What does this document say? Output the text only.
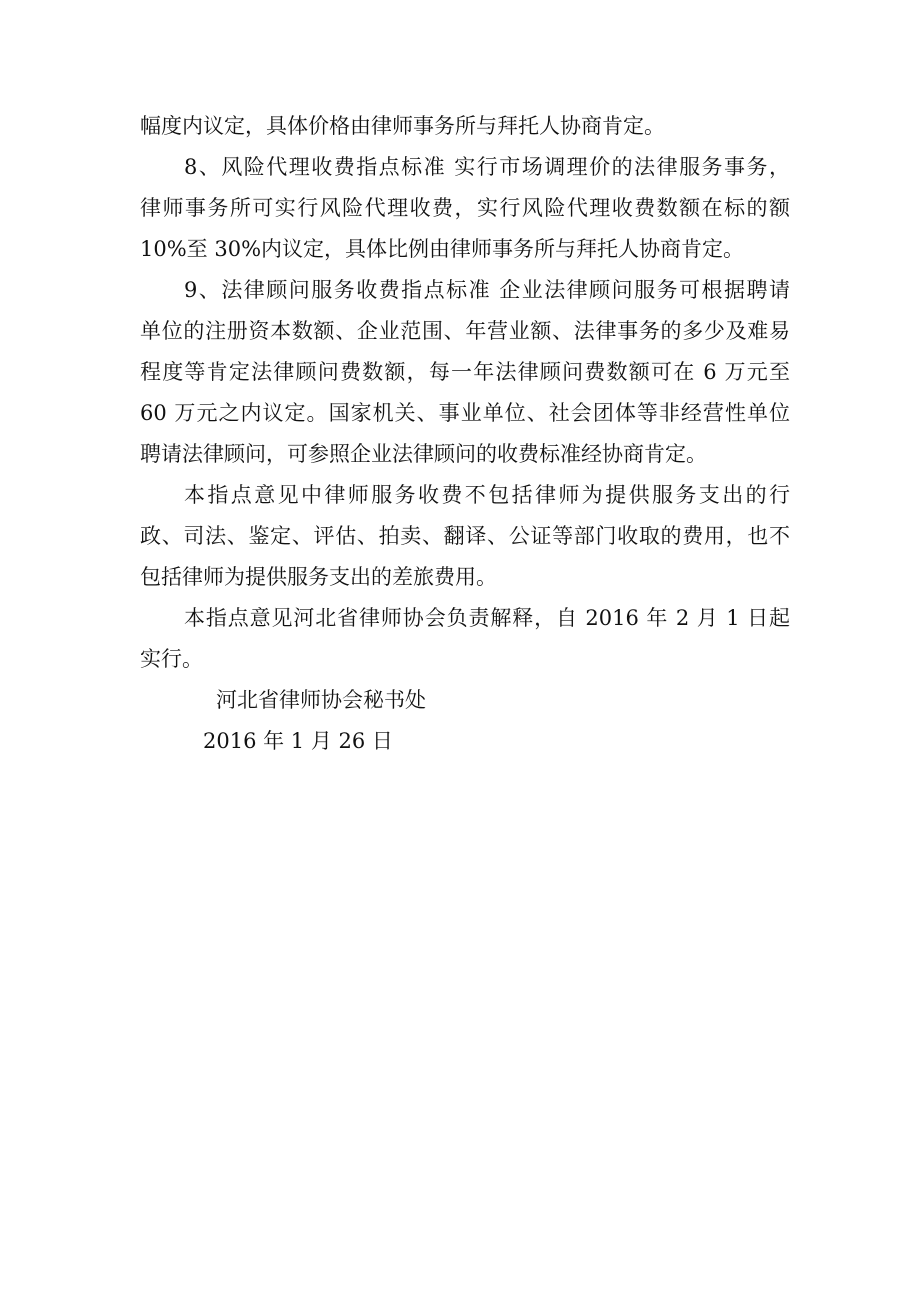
幅度内议定，具体价格由律师事务所与拜托人协商肯定。
8、风险代理收费指点标准 实行市场调理价的法律服务事务，
律师事务所可实行风险代理收费，实行风险代理收费数额在标的额
10%至 30%内议定，具体比例由律师事务所与拜托人协商肯定。
9、法律顾问服务收费指点标准 企业法律顾问服务可根据聘请
单位的注册资本数额、企业范围、年营业额、法律事务的多少及难易
程度等肯定法律顾问费数额，每一年法律顾问费数额可在 6 万元至
60 万元之内议定。国家机关、事业单位、社会团体等非经营性单位
聘请法律顾问，可参照企业法律顾问的收费标准经协商肯定。
本指点意见中律师服务收费不包括律师为提供服务支出的行
政、司法、鉴定、评估、拍卖、翻译、公证等部门收取的费用，也不
包括律师为提供服务支出的差旅费用。
本指点意见河北省律师协会负责解释，自 2016 年 2 月 1 日起
实行。
河北省律师协会秘书处
2016 年 1 月 26 日
